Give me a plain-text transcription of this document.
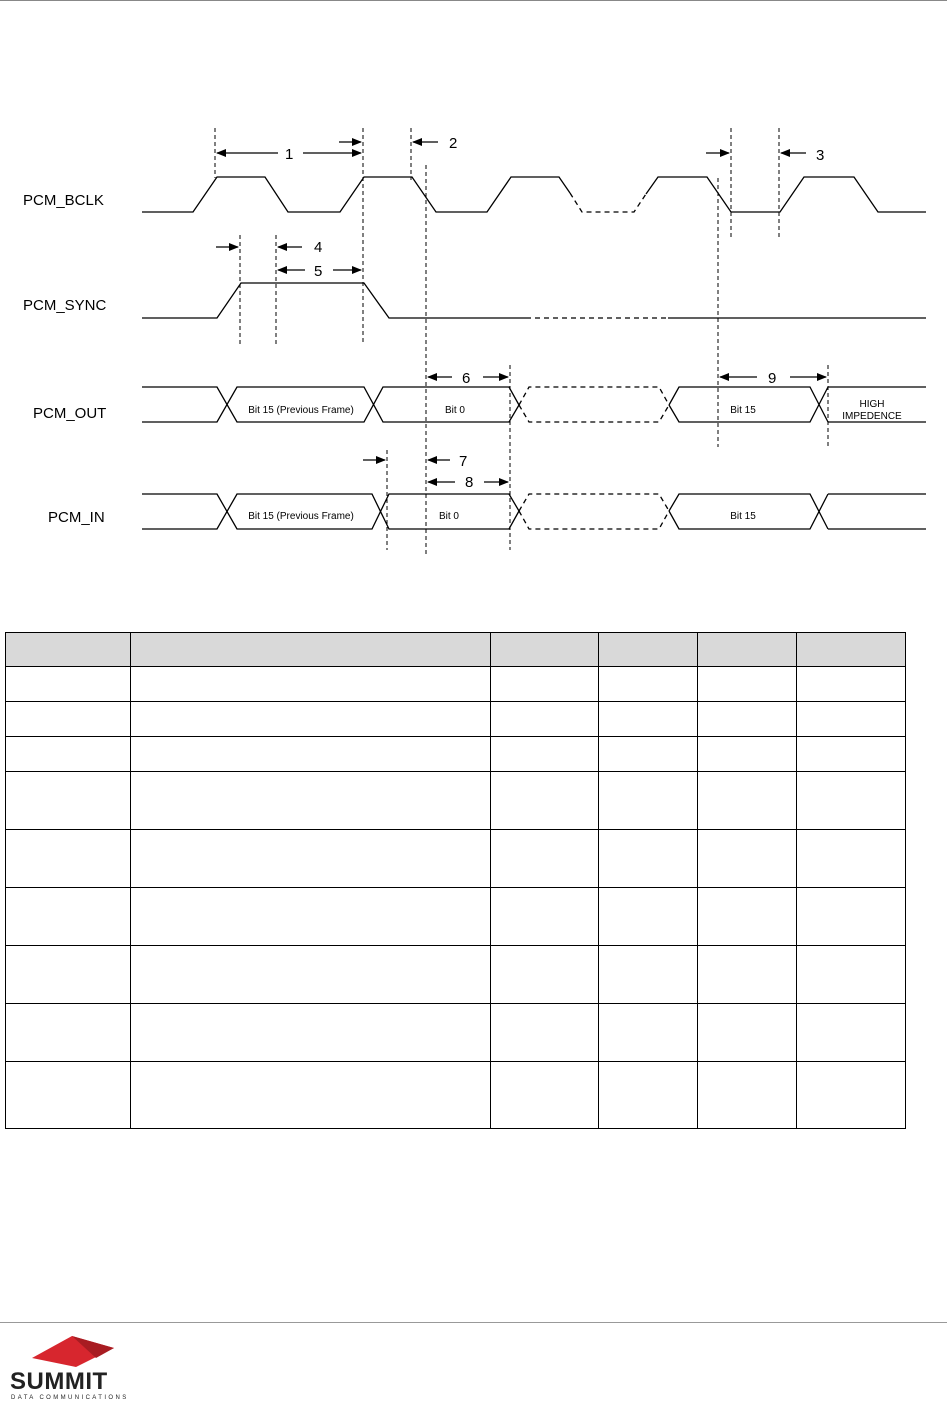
PCM_BCLK
PCM_SYNC
PCM_OUT
PCM_IN
1
2
3
4
5
6
7
8
9
Bit 15 (Previous Frame)	Bit 0	Bit 15
HIGH
IMPEDENCE
Bit 15 (Previous Frame)	Bit 0	Bit 15

SUMMIT
DATA COMMUNICATIONS
